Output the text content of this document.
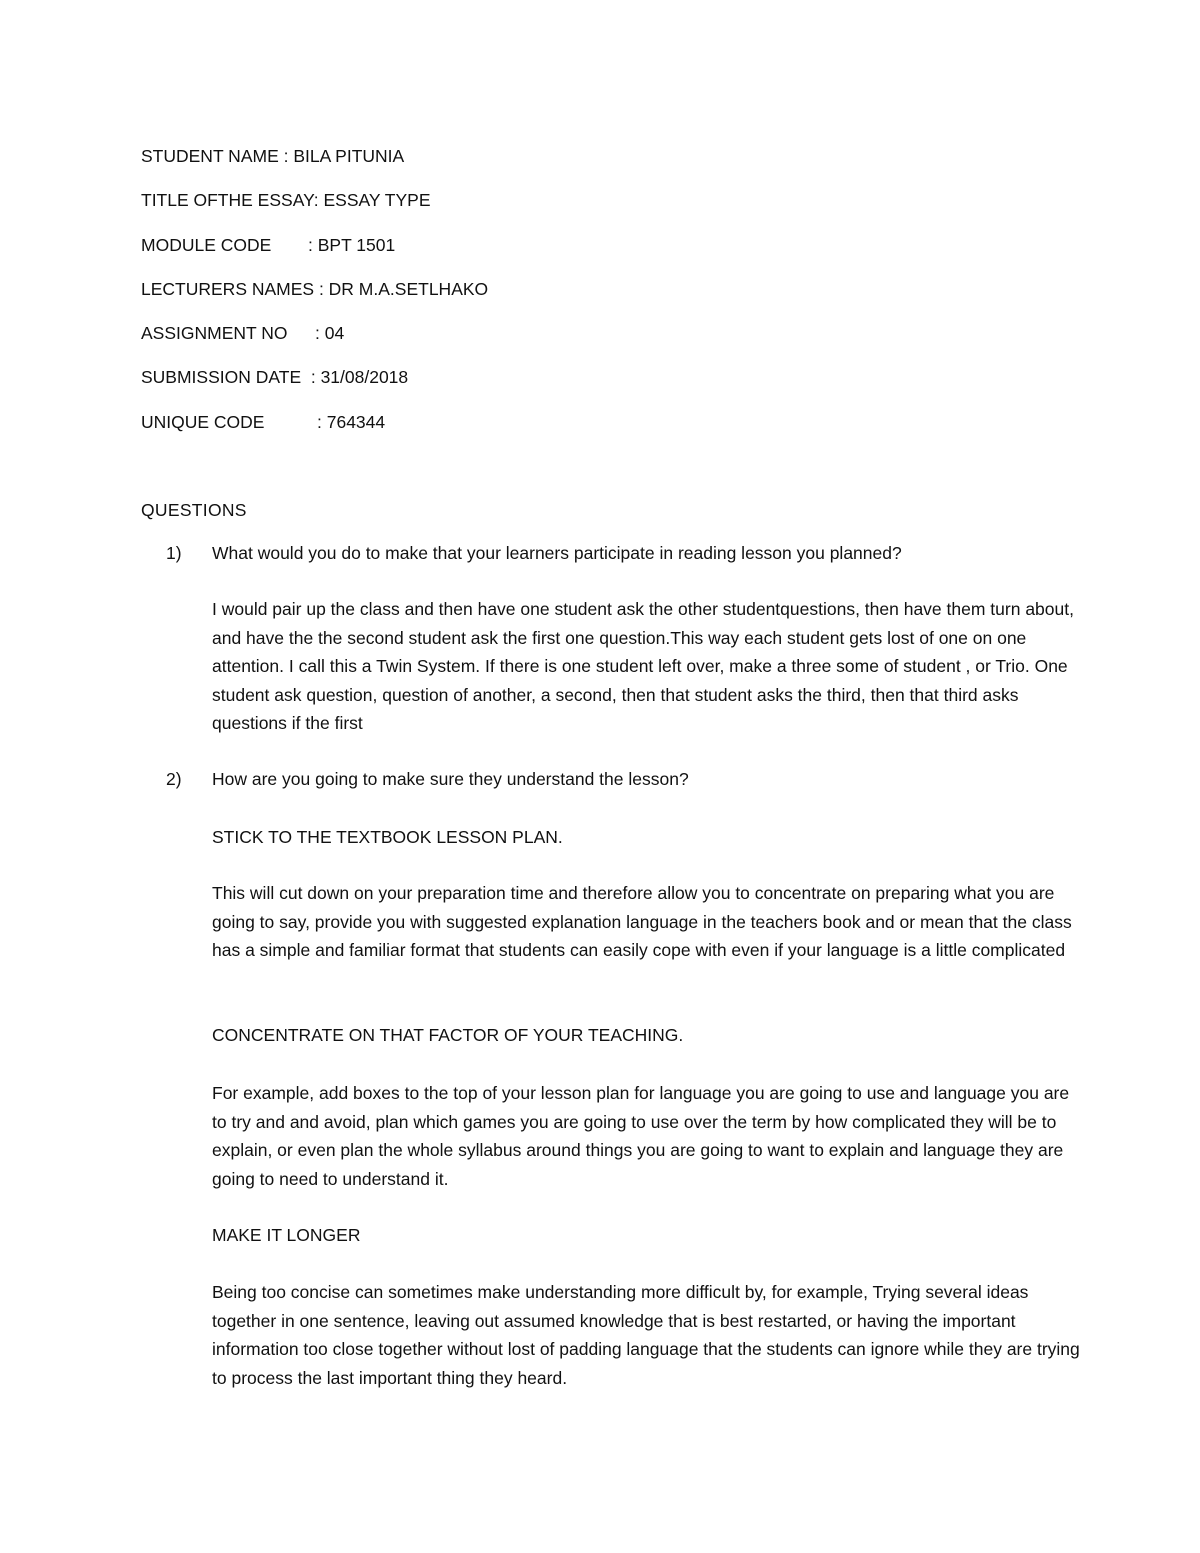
STUDENT NAME : BILA PITUNIA
TITLE OFTHE ESSAY: ESSAY TYPE
MODULE CODE	: BPT 1501
LECTURERS NAMES : DR M.A.SETLHAKO
ASSIGNMENT NO	: 04
SUBMISSION DATE  : 31/08/2018
UNIQUE CODE	: 764344
QUESTIONS
1)	What would you do to make that your learners participate in reading lesson you planned?

I would pair up the class and then have one student ask the other studentquestions, then have them turn about, and have the the second student ask the first one question.This way each student gets lost of one on one attention. I call this a Twin System. If there is one student left over, make a three some of student , or Trio. One student ask question, question of another, a second, then that student asks the third, then that third asks questions if the first

2)	How are you going to make sure they understand the lesson?
STICK TO THE TEXTBOOK LESSON PLAN.

This will cut down on your preparation time and therefore allow you to concentrate on preparing what you are going to say, provide you with suggested explanation language in the teachers book and or mean that the class has a simple and familiar format that students can easily cope with even if your language is a little complicated

CONCENTRATE ON THAT FACTOR OF YOUR TEACHING.

For example, add boxes to the top of your lesson plan for language you are going to use and language you are to try and and avoid, plan which games you are going to use over the term by how complicated they will be to explain, or even plan the whole syllabus around things you are going to want to explain and language they are going to need to understand it.

MAKE IT LONGER

Being too concise can sometimes make understanding more difficult by, for example, Trying several ideas together in one sentence, leaving out assumed knowledge that is best restarted, or having the important information too close together without lost of padding language that the students can ignore while they are trying to process the last important thing they heard.
